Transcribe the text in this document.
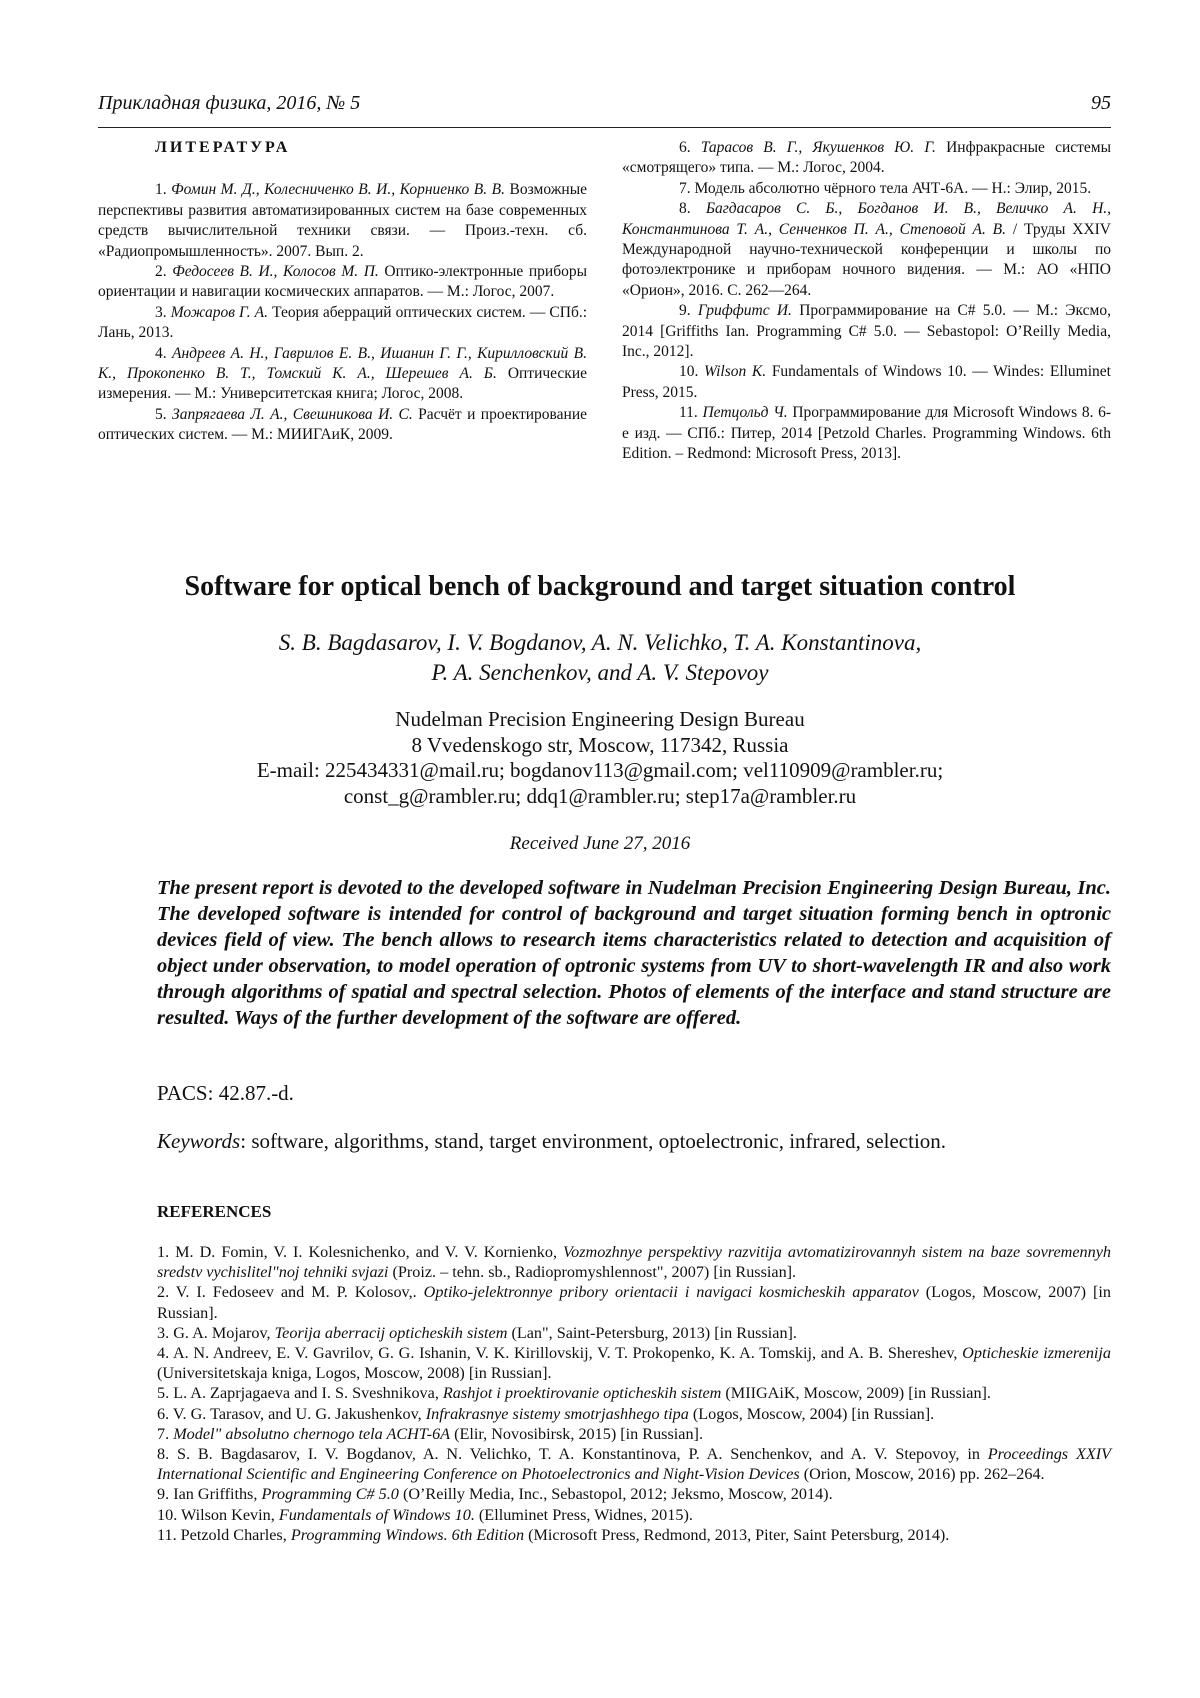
Прикладная физика, 2016, № 5	95
ЛИТЕРАТУРА

1. Фомин М. Д., Колесниченко В. И., Корниенко В. В. Возможные перспективы развития автоматизированных систем на базе современных средств вычислительной техники связи. — Произ.-техн. сб. «Радиопромышленность». 2007. Вып. 2.

2. Федосеев В. И., Колосов М. П. Оптико-электронные приборы ориентации и навигации космических аппаратов. — М.: Логос, 2007.

3. Можаров Г. А. Теория аберраций оптических систем. — СПб.: Лань, 2013.

4. Андреев А. Н., Гаврилов Е. В., Ишанин Г. Г., Кирилловский В. К., Прокопенко В. Т., Томский К. А., Шерешев А. Б. Оптические измерения. — М.: Университетская книга; Логос, 2008.

5. Запрягаева Л. А., Свешникова И. С. Расчёт и проектирование оптических систем. — М.: МИИГАиК, 2009.

6. Тарасов В. Г., Якушенков Ю. Г. Инфракрасные системы «смотрящего» типа. — М.: Логос, 2004.

7. Модель абсолютно чёрного тела АЧТ-6А. — Н.: Элир, 2015.

8. Багдасаров С. Б., Богданов И. В., Величко А. Н., Константинова Т. А., Сенченков П. А., Степовой А. В. / Труды XXIV Международной научно-технической конференции и школы по фотоэлектронике и приборам ночного видения. — М.: АО «НПО «Орион», 2016. С. 262—264.

9. Гриффитс И. Программирование на C# 5.0. — М.: Эксмо, 2014 [Griffiths Ian. Programming C# 5.0. — Sebastopol: O’Reilly Media, Inc., 2012].

10. Wilson K. Fundamentals of Windows 10. — Windes: Elluminet Press, 2015.

11. Петцольд Ч. Программирование для Microsoft Windows 8. 6-е изд. — СПб.: Питер, 2014 [Petzold Charles. Programming Windows. 6th Edition. – Redmond: Microsoft Press, 2013].

Software for optical bench of background and target situation control
S. B. Bagdasarov, I. V. Bogdanov, A. N. Velichko, T. A. Konstantinova,
P. A. Senchenkov, and A. V. Stepovoy
Nudelman Precision Engineering Design Bureau
8 Vvedenskogo str, Moscow, 117342, Russia
E-mail: 225434331@mail.ru; bogdanov113@gmail.com; vel110909@rambler.ru;
const_g@rambler.ru; ddq1@rambler.ru; step17a@rambler.ru
Received June 27, 2016
The present report is devoted to the developed software in Nudelman Precision Engineering Design Bureau, Inc. The developed software is intended for control of background and target situation forming bench in optronic devices field of view. The bench allows to research items characteristics related to detection and acquisition of object under observation, to model operation of optronic systems from UV to short-wavelength IR and also work through algorithms of spatial and spectral selection. Photos of elements of the interface and stand structure are resulted. Ways of the further development of the software are offered.
PACS: 42.87.-d.
Keywords: software, algorithms, stand, target environment, optoelectronic, infrared, selection.
REFERENCES

1. M. D. Fomin, V. I. Kolesnichenko, and V. V. Kornienko, Vozmozhnye perspektivy razvitija avtomatizirovannyh sistem na baze sovremennyh sredstv vychislitel"noj tehniki svjazi (Proiz. – tehn. sb., Radiopromyshlennost", 2007) [in Russian].

2. V. I. Fedoseev and M. P. Kolosov,. Optiko-jelektronnye pribory orientacii i navigaci kosmicheskih apparatov (Logos, Moscow, 2007) [in Russian].

3. G. A. Mojarov, Teorija aberracij opticheskih sistem (Lan", Saint-Petersburg, 2013) [in Russian].

4. A. N. Andreev, E. V. Gavrilov, G. G. Ishanin, V. K. Kirillovskij, V. T. Prokopenko, K. A. Tomskij, and A. B. Shereshev, Opticheskie izmerenija (Universitetskaja kniga, Logos, Moscow, 2008) [in Russian].

5. L. A. Zaprjagaeva and I. S. Sveshnikova, Rashjot i proektirovanie opticheskih sistem (MIIGAiK, Moscow, 2009) [in Russian].

6. V. G. Tarasov, and U. G. Jakushenkov, Infrakrasnye sistemy smotrjashhego tipa (Logos, Moscow, 2004) [in Russian].

7. Model" absolutno chernogo tela ACHT-6A (Elir, Novosibirsk, 2015) [in Russian].

8. S. B. Bagdasarov, I. V. Bogdanov, A. N. Velichko, T. A. Konstantinova, P. A. Senchenkov, and A. V. Stepovoy, in Proceedings XXIV International Scientific and Engineering Conference on Photoelectronics and Night-Vision Devices (Orion, Moscow, 2016) pp. 262–264.

9. Ian Griffiths, Programming C# 5.0 (O’Reilly Media, Inc., Sebastopol, 2012; Jeksmo, Moscow, 2014).

10. Wilson Kevin, Fundamentals of Windows 10. (Elluminet Press, Widnes, 2015).

11. Petzold Charles, Programming Windows. 6th Edition (Microsoft Press, Redmond, 2013, Piter, Saint Petersburg, 2014).
